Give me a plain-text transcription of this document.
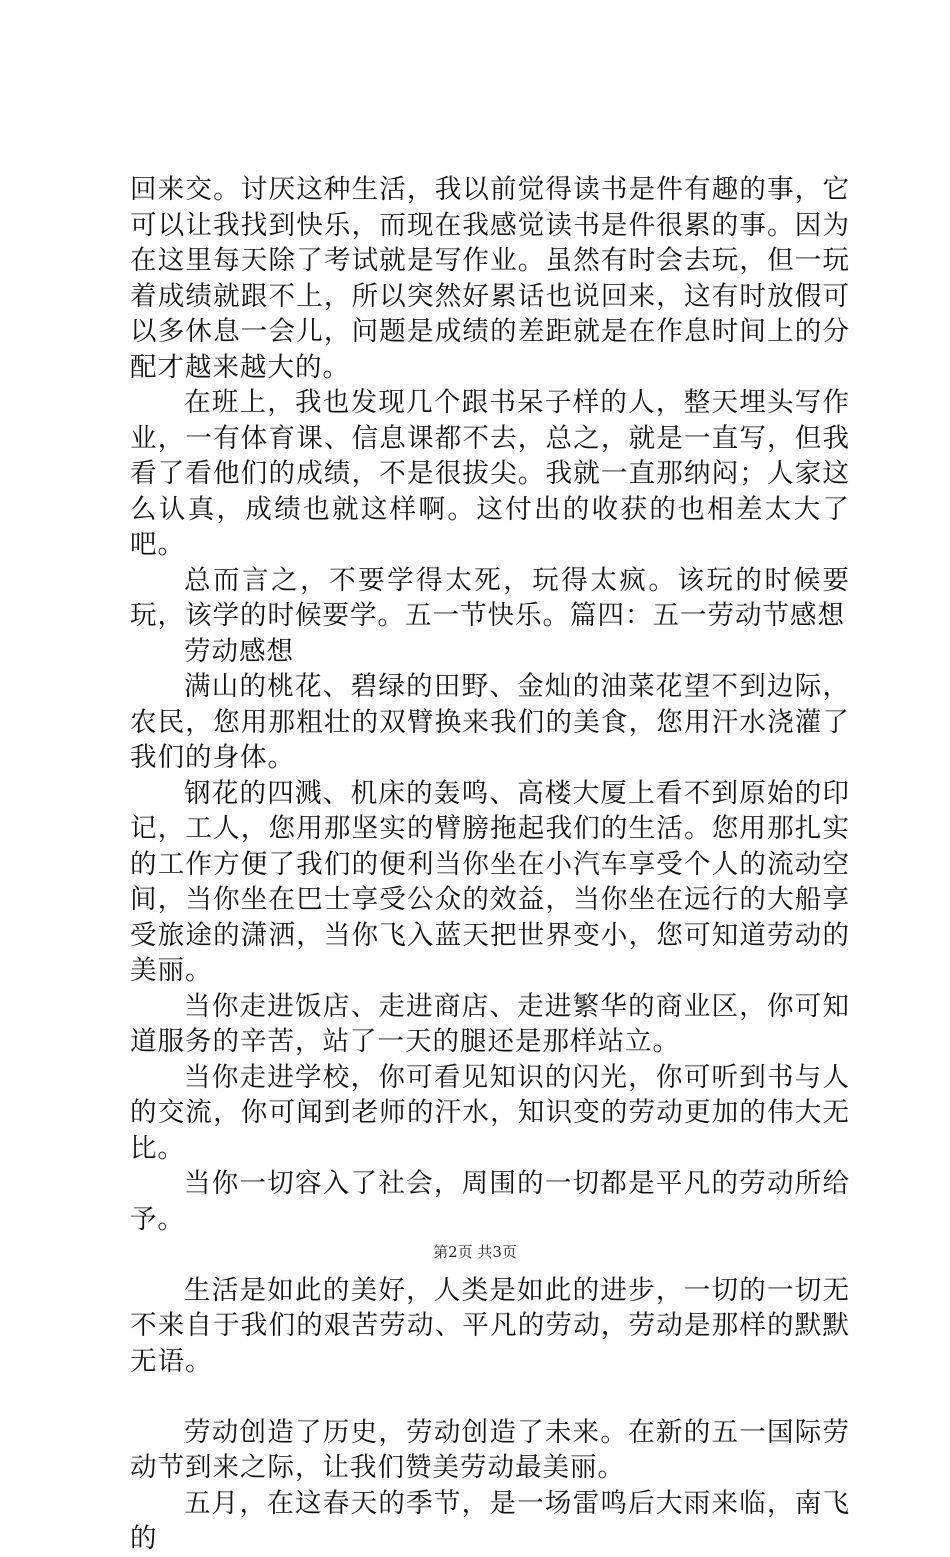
回来交。讨厌这种生活，我以前觉得读书是件有趣的事，它可以让我找到快乐，而现在我感觉读书是件很累的事。因为在这里每天除了考试就是写作业。虽然有时会去玩，但一玩着成绩就跟不上，所以突然好累话也说回来，这有时放假可以多休息一会儿，问题是成绩的差距就是在作息时间上的分配才越来越大的。

在班上，我也发现几个跟书呆子样的人，整天埋头写作业，一有体育课、信息课都不去，总之，就是一直写，但我看了看他们的成绩，不是很拔尖。我就一直那纳闷；人家这么认真，成绩也就这样啊。这付出的收获的也相差太大了吧。

总而言之，不要学得太死，玩得太疯。该玩的时候要玩，该学的时候要学。五一节快乐。篇四：五一劳动节感想

劳动感想

满山的桃花、碧绿的田野、金灿的油菜花望不到边际，农民，您用那粗壮的双臂换来我们的美食，您用汗水浇灌了我们的身体。

钢花的四溅、机床的轰鸣、高楼大厦上看不到原始的印记，工人，您用那坚实的臂膀拖起我们的生活。您用那扎实的工作方便了我们的便利当你坐在小汽车享受个人的流动空间，当你坐在巴士享受公众的效益，当你坐在远行的大船享受旅途的潇洒，当你飞入蓝天把世界变小，您可知道劳动的美丽。

当你走进饭店、走进商店、走进繁华的商业区，你可知道服务的辛苦，站了一天的腿还是那样站立。

当你走进学校，你可看见知识的闪光，你可听到书与人的交流，你可闻到老师的汗水，知识变的劳动更加的伟大无比。

当你一切容入了社会，周围的一切都是平凡的劳动所给予。

生活是如此的美好，人类是如此的进步，一切的一切无不来自于我们的艰苦劳动、平凡的劳动，劳动是那样的默默无语。

劳动创造了历史，劳动创造了未来。在新的五一国际劳动节到来之际，让我们赞美劳动最美丽。

五月，在这春天的季节，是一场雷鸣后大雨来临，南飞的

第2页 共3页
